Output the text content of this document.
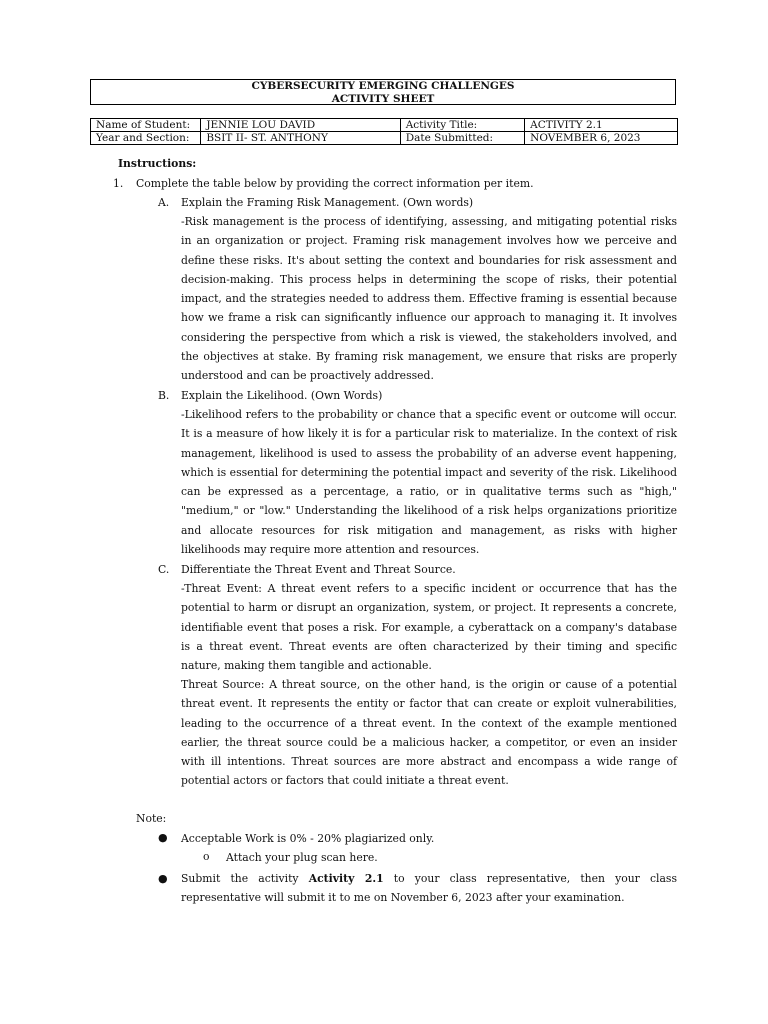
CYBERSECURITY EMERGING CHALLENGES
ACTIVITY SHEET
Name of Student:	JENNIE LOU DAVID	Activity Title:	ACTIVITY 2.1
Year and Section:	BSIT II- ST. ANTHONY	Date Submitted:	NOVEMBER 6, 2023
Instructions:
1. Complete the table below by providing the correct information per item.
A. Explain the Framing Risk Management. (Own words)
-Risk management is the process of identifying, assessing, and mitigating potential risks in an organization or project. Framing risk management involves how we perceive and define these risks. It's about setting the context and boundaries for risk assessment and decision-making. This process helps in determining the scope of risks, their potential impact, and the strategies needed to address them. Effective framing is essential because how we frame a risk can significantly influence our approach to managing it. It involves considering the perspective from which a risk is viewed, the stakeholders involved, and the objectives at stake. By framing risk management, we ensure that risks are properly understood and can be proactively addressed.
B. Explain the Likelihood. (Own Words)
-Likelihood refers to the probability or chance that a specific event or outcome will occur. It is a measure of how likely it is for a particular risk to materialize. In the context of risk management, likelihood is used to assess the probability of an adverse event happening, which is essential for determining the potential impact and severity of the risk. Likelihood can be expressed as a percentage, a ratio, or in qualitative terms such as "high," "medium," or "low." Understanding the likelihood of a risk helps organizations prioritize and allocate resources for risk mitigation and management, as risks with higher likelihoods may require more attention and resources.
C. Differentiate the Threat Event and Threat Source.
-Threat Event: A threat event refers to a specific incident or occurrence that has the potential to harm or disrupt an organization, system, or project. It represents a concrete, identifiable event that poses a risk. For example, a cyberattack on a company's database is a threat event. Threat events are often characterized by their timing and specific nature, making them tangible and actionable.
Threat Source: A threat source, on the other hand, is the origin or cause of a potential threat event. It represents the entity or factor that can create or exploit vulnerabilities, leading to the occurrence of a threat event. In the context of the example mentioned earlier, the threat source could be a malicious hacker, a competitor, or even an insider with ill intentions. Threat sources are more abstract and encompass a wide range of potential actors or factors that could initiate a threat event.
Note:
● Acceptable Work is 0% - 20% plagiarized only.
o Attach your plug scan here.
● Submit the activity Activity 2.1 to your class representative, then your class representative will submit it to me on November 6, 2023 after your examination.
